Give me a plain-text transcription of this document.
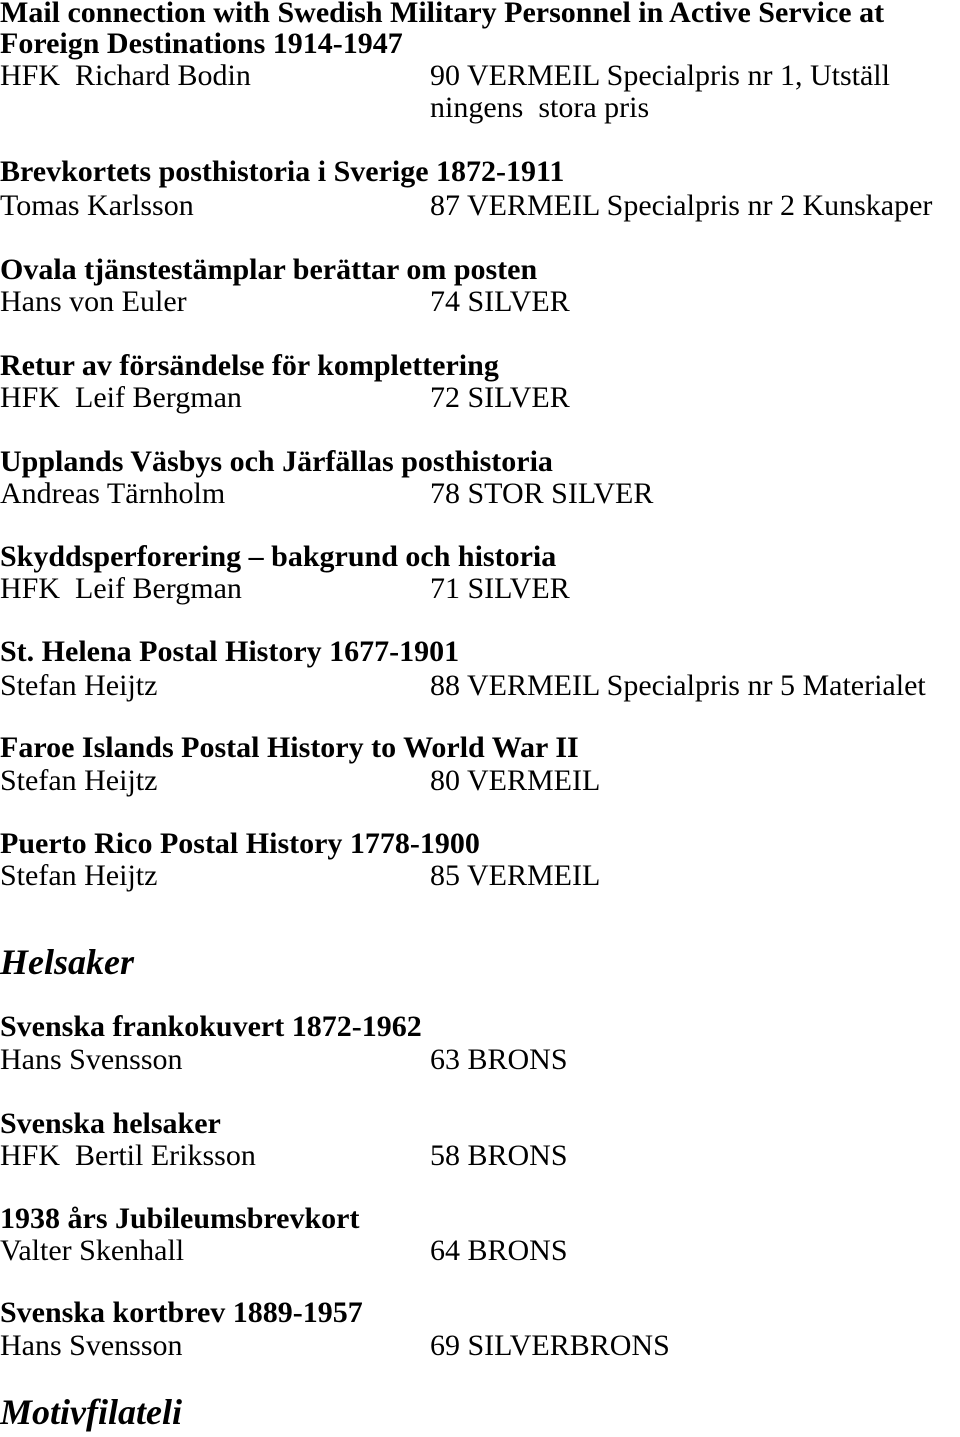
Mail connection with Swedish Military Personnel in Active Service at
Foreign Destinations 1914-1947
HFK  Richard Bodin	90 VERMEIL Specialpris nr 1, Utställ
ningens  stora pris
Brevkortets posthistoria i Sverige 1872-1911
Tomas Karlsson	87 VERMEIL Specialpris nr 2 Kunskaper
Ovala tjänstestämplar berättar om posten
Hans von Euler	74 SILVER
Retur av försändelse för komplettering
HFK  Leif Bergman	72 SILVER
Upplands Väsbys och Järfällas posthistoria
Andreas Tärnholm	78 STOR SILVER
Skyddsperforering – bakgrund och historia
HFK  Leif Bergman	71 SILVER
St. Helena Postal History 1677-1901
Stefan Heijtz	88 VERMEIL Specialpris nr 5 Materialet
Faroe Islands Postal History to World War II
Stefan Heijtz	80 VERMEIL
Puerto Rico Postal History 1778-1900
Stefan Heijtz	85 VERMEIL
Helsaker
Svenska frankokuvert 1872-1962
Hans Svensson	63 BRONS
Svenska helsaker
HFK  Bertil Eriksson	58 BRONS
1938 års Jubileumsbrevkort
Valter Skenhall	64 BRONS
Svenska kortbrev 1889-1957
Hans Svensson	69 SILVERBRONS
Motivfilateli
